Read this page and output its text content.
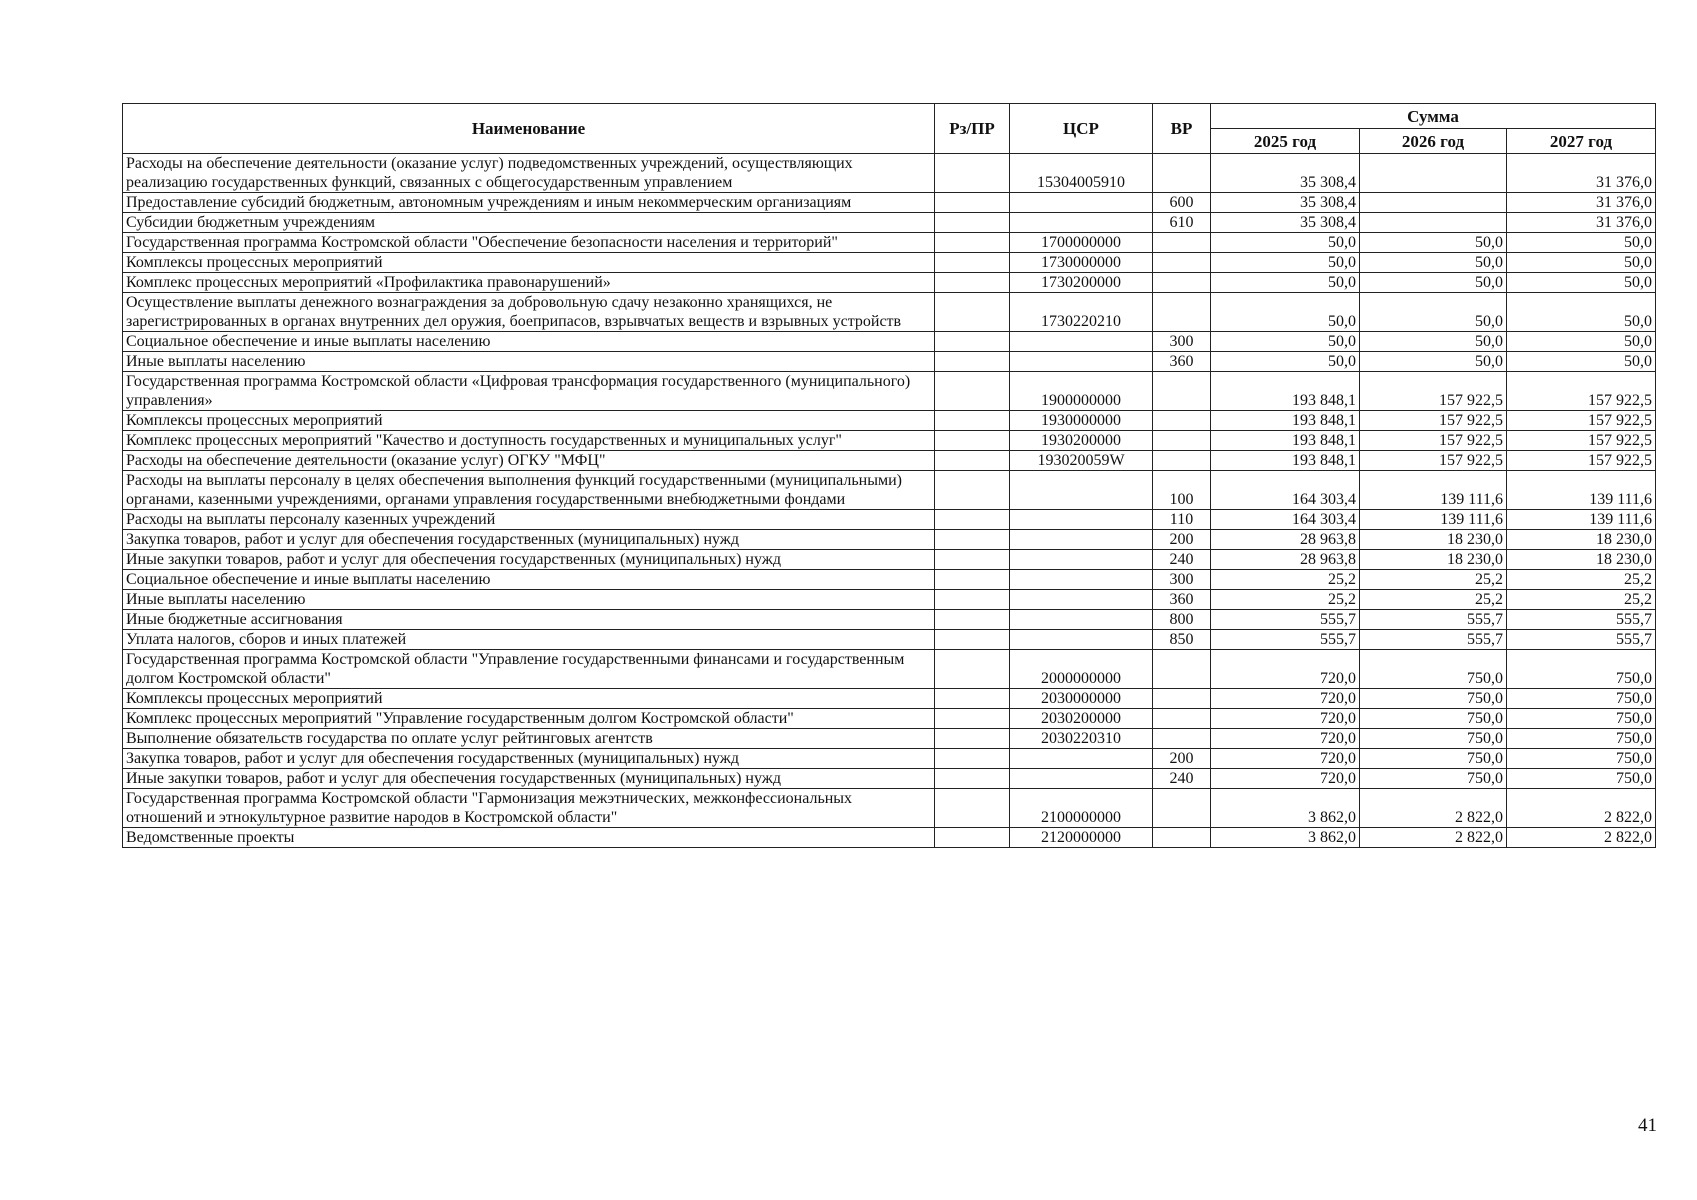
Наименование	Рз/ПР	ЦСР	ВР	Сумма		
				2025 год	2026 год	2027 год
Расходы на обеспечение деятельности (оказание услуг) подведомственных учреждений, осуществляющих реализацию государственных функций, связанных с общегосударственным управлением		15304005910		35 308,4		31 376,0
Предоставление субсидий бюджетным, автономным учреждениям и иным некоммерческим организациям			600	35 308,4		31 376,0
Субсидии бюджетным учреждениям			610	35 308,4		31 376,0
Государственная программа Костромской области "Обеспечение безопасности населения и территорий"		1700000000		50,0	50,0	50,0
Комплексы процессных мероприятий		1730000000		50,0	50,0	50,0
Комплекс процессных мероприятий «Профилактика правонарушений»		1730200000		50,0	50,0	50,0
Осуществление выплаты денежного вознаграждения за добровольную сдачу незаконно хранящихся, не зарегистрированных в органах внутренних дел оружия, боеприпасов, взрывчатых веществ и взрывных устройств		1730220210		50,0	50,0	50,0
Социальное обеспечение и иные выплаты населению			300	50,0	50,0	50,0
Иные выплаты населению			360	50,0	50,0	50,0
Государственная программа Костромской области «Цифровая трансформация государственного (муниципального) управления»		1900000000		193 848,1	157 922,5	157 922,5
Комплексы процессных мероприятий		1930000000		193 848,1	157 922,5	157 922,5
Комплекс процессных мероприятий "Качество и доступность государственных и муниципальных услуг"		1930200000		193 848,1	157 922,5	157 922,5
Расходы на обеспечение деятельности (оказание услуг) ОГКУ "МФЦ"		193020059W		193 848,1	157 922,5	157 922,5
Расходы на выплаты персоналу в целях обеспечения выполнения функций государственными (муниципальными) органами, казенными учреждениями, органами управления государственными внебюджетными фондами			100	164 303,4	139 111,6	139 111,6
Расходы на выплаты персоналу казенных учреждений			110	164 303,4	139 111,6	139 111,6
Закупка товаров, работ и услуг для обеспечения государственных (муниципальных) нужд			200	28 963,8	18 230,0	18 230,0
Иные закупки товаров, работ и услуг для обеспечения государственных (муниципальных) нужд			240	28 963,8	18 230,0	18 230,0
Социальное обеспечение и иные выплаты населению			300	25,2	25,2	25,2
Иные выплаты населению			360	25,2	25,2	25,2
Иные бюджетные ассигнования			800	555,7	555,7	555,7
Уплата налогов, сборов и иных платежей			850	555,7	555,7	555,7
Государственная программа Костромской области "Управление государственными финансами и государственным долгом Костромской области"		2000000000		720,0	750,0	750,0
Комплексы процессных мероприятий		2030000000		720,0	750,0	750,0
Комплекс процессных мероприятий "Управление государственным долгом Костромской области"		2030200000		720,0	750,0	750,0
Выполнение обязательств государства по оплате услуг рейтинговых агентств		2030220310		720,0	750,0	750,0
Закупка товаров, работ и услуг для обеспечения государственных (муниципальных) нужд			200	720,0	750,0	750,0
Иные закупки товаров, работ и услуг для обеспечения государственных (муниципальных) нужд			240	720,0	750,0	750,0
Государственная программа Костромской области "Гармонизация межэтнических, межконфессиональных отношений и этнокультурное развитие народов в Костромской области"		2100000000		3 862,0	2 822,0	2 822,0
Ведомственные проекты		2120000000		3 862,0	2 822,0	2 822,0
41
